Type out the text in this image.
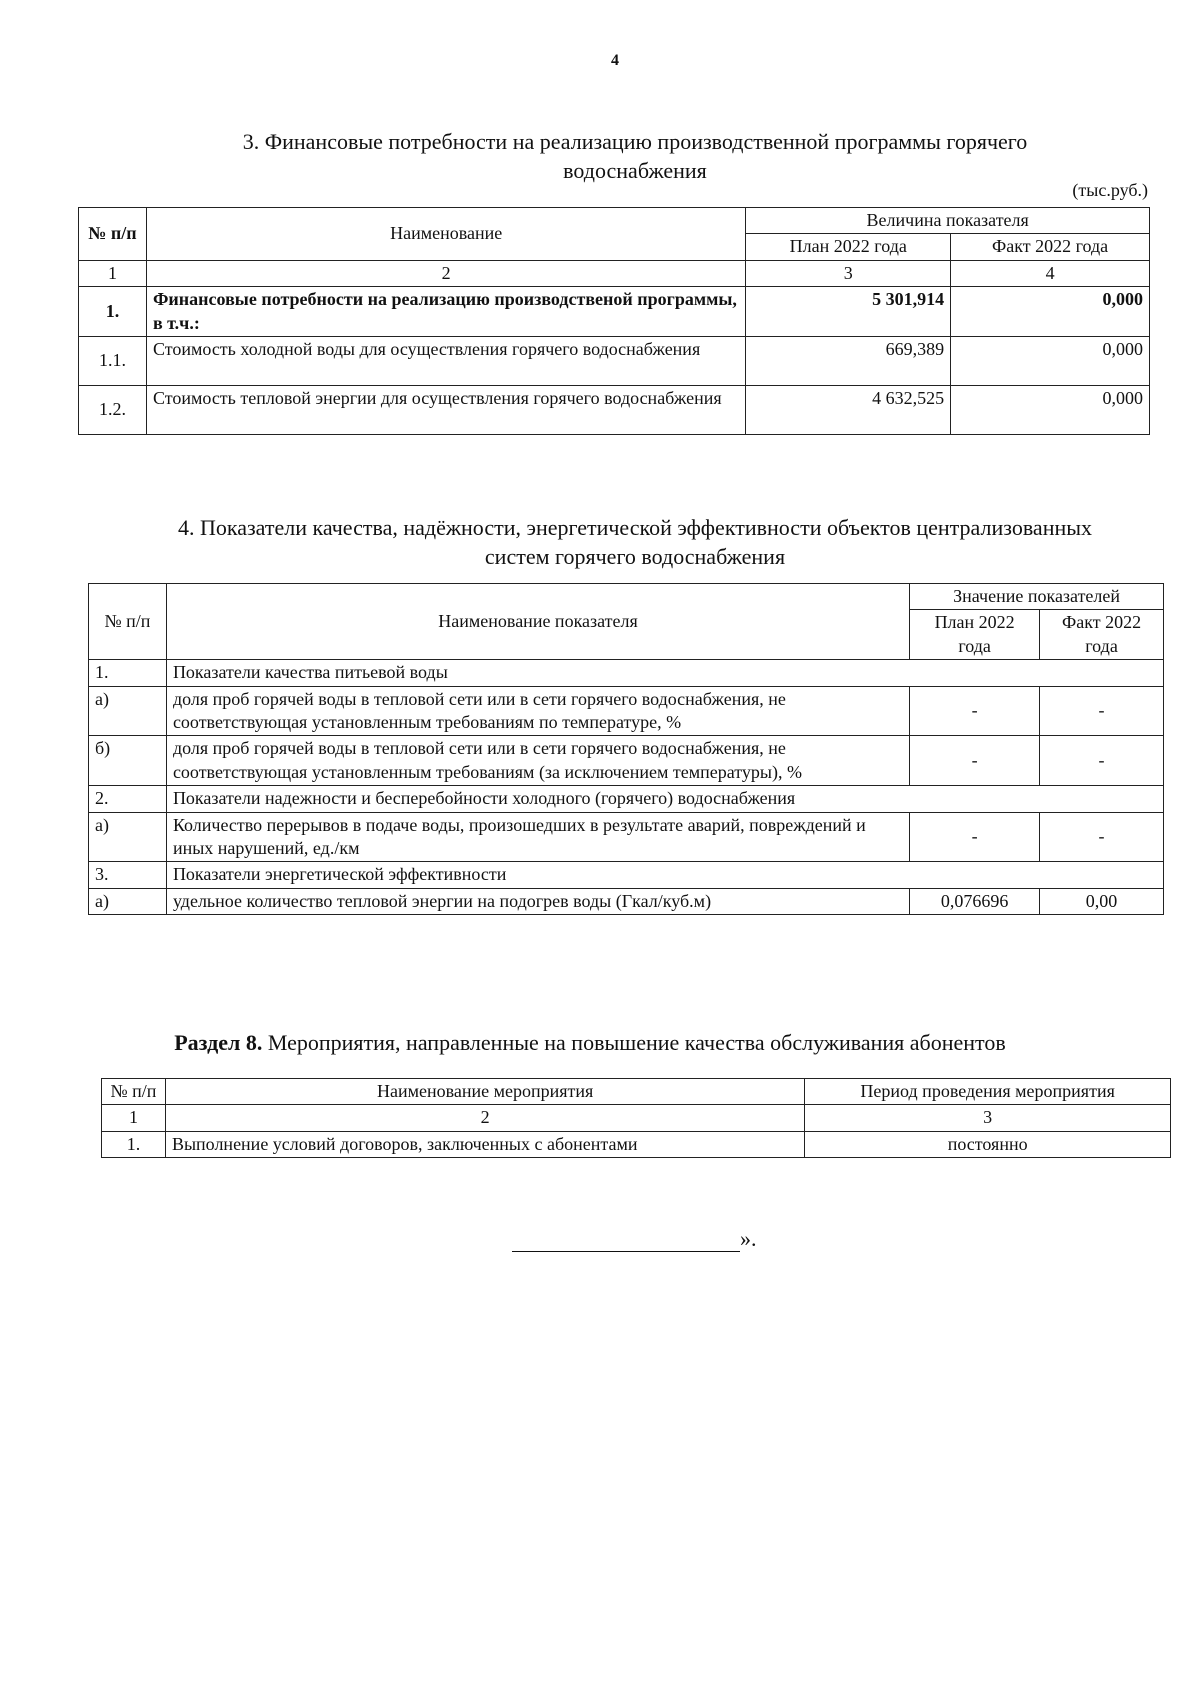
4
3. Финансовые потребности на реализацию производственной программы горячего
водоснабжения
(тыс.руб.)
№ п/п	Наименование	Величина показателя	
		План 2022 года	Факт 2022 года
1	2	3	4
1.	Финансовые потребности на реализацию производственой программы, в т.ч.:	5 301,914	0,000
1.1.	Стоимость холодной воды для осуществления горячего водоснабжения	669,389	0,000
1.2.	Стоимость тепловой энергии для осуществления горячего водоснабжения	4 632,525	0,000
4. Показатели качества, надёжности, энергетической эффективности объектов централизованных
систем горячего водоснабжения
№ п/п	Наименование показателя	Значение показателей	
		План 2022 года	Факт 2022 года
1.	Показатели качества питьевой воды		
а)	доля проб горячей воды в тепловой сети или в сети горячего водоснабжения, не соответствующая установленным требованиям по температуре, %	-	-
б)	доля проб горячей воды в тепловой сети или в сети горячего водоснабжения, не соответствующая установленным требованиям (за исключением температуры), %	-	-
2.	Показатели надежности и бесперебойности холодного (горячего) водоснабжения		
а)	Количество перерывов в подаче воды, произошедших в результате аварий, повреждений и иных нарушений, ед./км	-	-
3.	Показатели энергетической эффективности		
а)	удельное количество тепловой энергии на подогрев воды (Гкал/куб.м)	0,076696	0,00
Раздел 8. Мероприятия, направленные на повышение качества обслуживания абонентов
№ п/п	Наименование мероприятия	Период проведения мероприятия
1	2	3
1.	Выполнение условий договоров, заключенных с абонентами	постоянно
».
